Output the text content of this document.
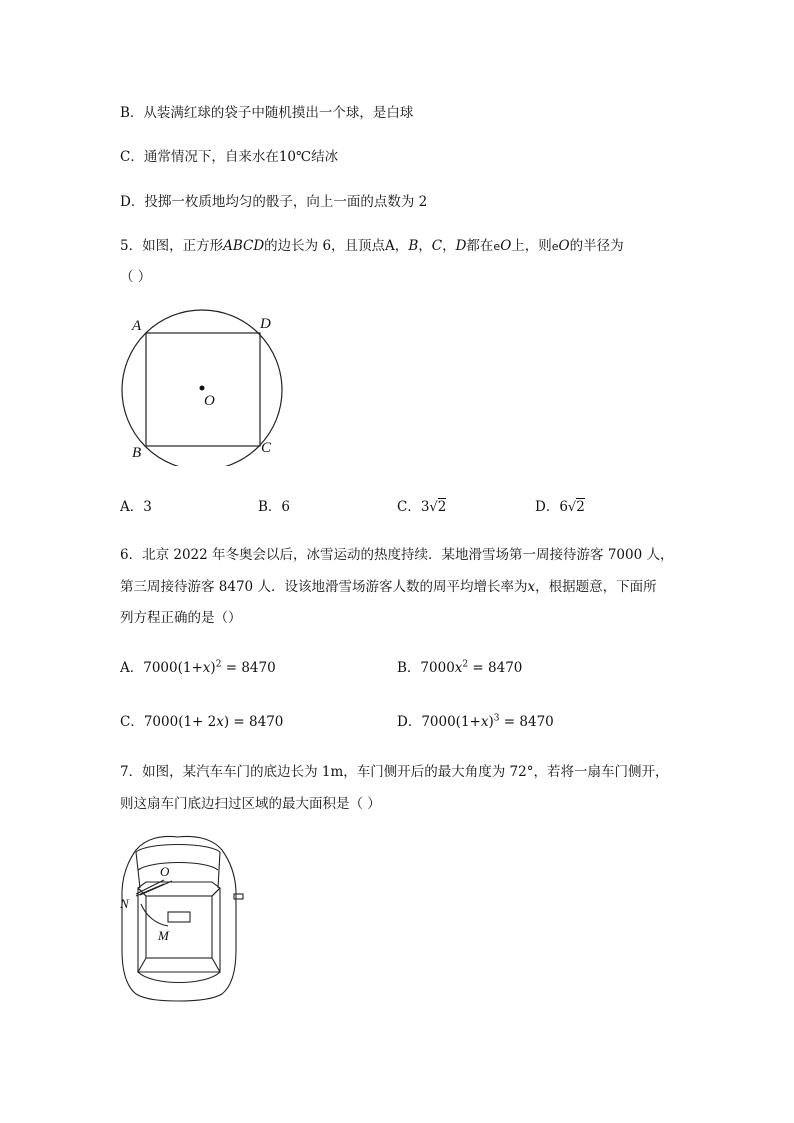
B．从装满红球的袋子中随机摸出一个球，是白球
C．通常情况下，自来水在10℃结冰
D．投掷一枚质地均匀的骰子，向上一面的点数为 2
5．如图，正方形ABCD的边长为 6，且顶点A，B，C，D都在eO上，则eO的半径为
（ ）
A	D
O
B	C
A．3	B．6	C．3√2	D．6√2
6．北京 2022 年冬奥会以后，冰雪运动的热度持续．某地滑雪场第一周接待游客 7000 人，
第三周接待游客 8470 人．设该地滑雪场游客人数的周平均增长率为x，根据题意，下面所
列方程正确的是（）
A．$7000(1+x)^2 = 8470$	B．$7000x^2 = 8470$
C．7000(1+ 2x) = 8470	D．$7000(1+x)^3 = 8470$
7．如图，某汽车车门的底边长为 1m，车门侧开后的最大角度为 72°，若将一扇车门侧开，
则这扇车门底边扫过区域的最大面积是（ ）
O
N
M
